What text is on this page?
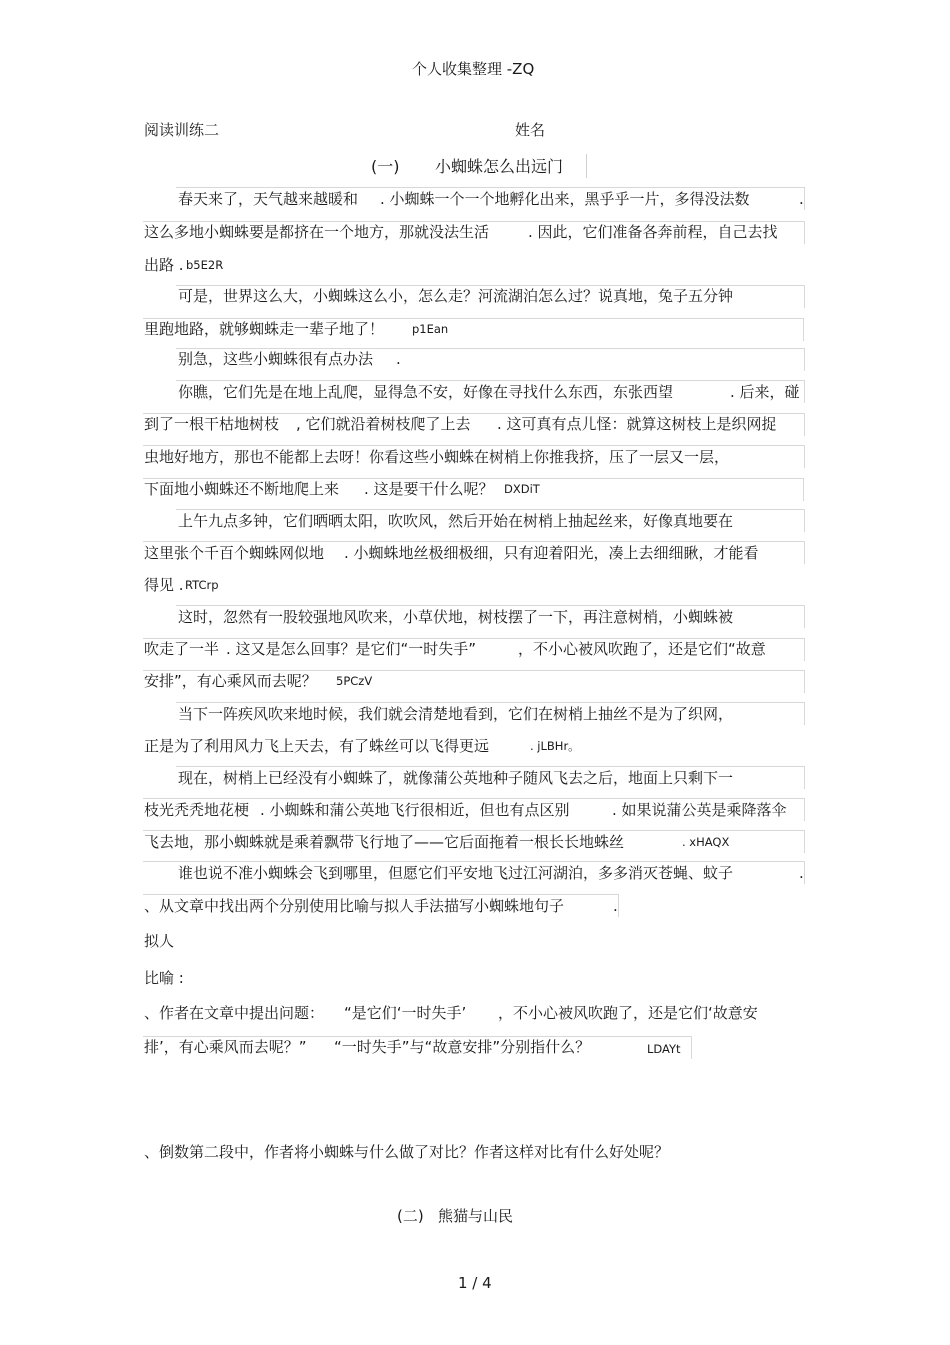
个人收集整理 -ZQ
阅读训练二	姓名
(一) 小蜘蛛怎么出远门
春天来了，天气越来越暖和 . 小蜘蛛一个一个地孵化出来，黑乎乎一片，多得没法数	.
这么多地小蜘蛛要是都挤在一个地方，那就没法生活	. 因此，它们准备各奔前程，自己去找
出路 . b5E2R
可是，世界这么大，小蜘蛛这么小，怎么走？河流湖泊怎么过？说真地，兔子五分钟
里跑地路，就够蜘蛛走一辈子地了！ p1Ean
别急，这些小蜘蛛很有点办法 .
你瞧，它们先是在地上乱爬，显得急不安，好像在寻找什么东西，东张西望	. 后来，碰
到了一根干枯地树枝 , 它们就沿着树枝爬了上去 . 这可真有点儿怪：就算这树枝上是织网捉
虫地好地方，那也不能都上去呀！你看这些小蜘蛛在树梢上你推我挤，压了一层又一层，
下面地小蜘蛛还不断地爬上来 . 这是要干什么呢？ DXDiT
上午九点多钟，它们晒晒太阳，吹吹风，然后开始在树梢上抽起丝来，好像真地要在
这里张个千百个蜘蛛网似地 . 小蜘蛛地丝极细极细，只有迎着阳光，凑上去细细瞅，才能看
得见 . RTCrp
这时，忽然有一股较强地风吹来，小草伏地，树枝摆了一下，再注意树梢，小蜘蛛被
吹走了一半 . 这又是怎么回事？是它们“一时失手”	，不小心被风吹跑了，还是它们“故意
安排”，有心乘风而去呢？ 5PCzV
当下一阵疾风吹来地时候，我们就会清楚地看到，它们在树梢上抽丝不是为了织网，
正是为了利用风力飞上天去，有了蛛丝可以飞得更远	. jLBHr。
现在，树梢上已经没有小蜘蛛了，就像蒲公英地种子随风飞去之后，地面上只剩下一
枝光秃秃地花梗 . 小蜘蛛和蒲公英地飞行很相近，但也有点区别	. 如果说蒲公英是乘降落伞
飞去地，那小蜘蛛就是乘着飘带飞行地了——它后面拖着一根长长地蛛丝	. xHAQX
谁也说不准小蜘蛛会飞到哪里，但愿它们平安地飞过江河湖泊，多多消灭苍蝇、蚊子	.
、从文章中找出两个分别使用比喻与拟人手法描写小蜘蛛地句子	.
拟人
比喻 :
、作者在文章中提出问题： “是它们‘一时失手’ ，不小心被风吹跑了，还是它们‘故意安
排’，有心乘风而去呢？” “一时失手”与“故意安排”分别指什么？	LDAYt
、倒数第二段中，作者将小蜘蛛与什么做了对比？作者这样对比有什么好处呢？
(二) 熊猫与山民
1 / 4
